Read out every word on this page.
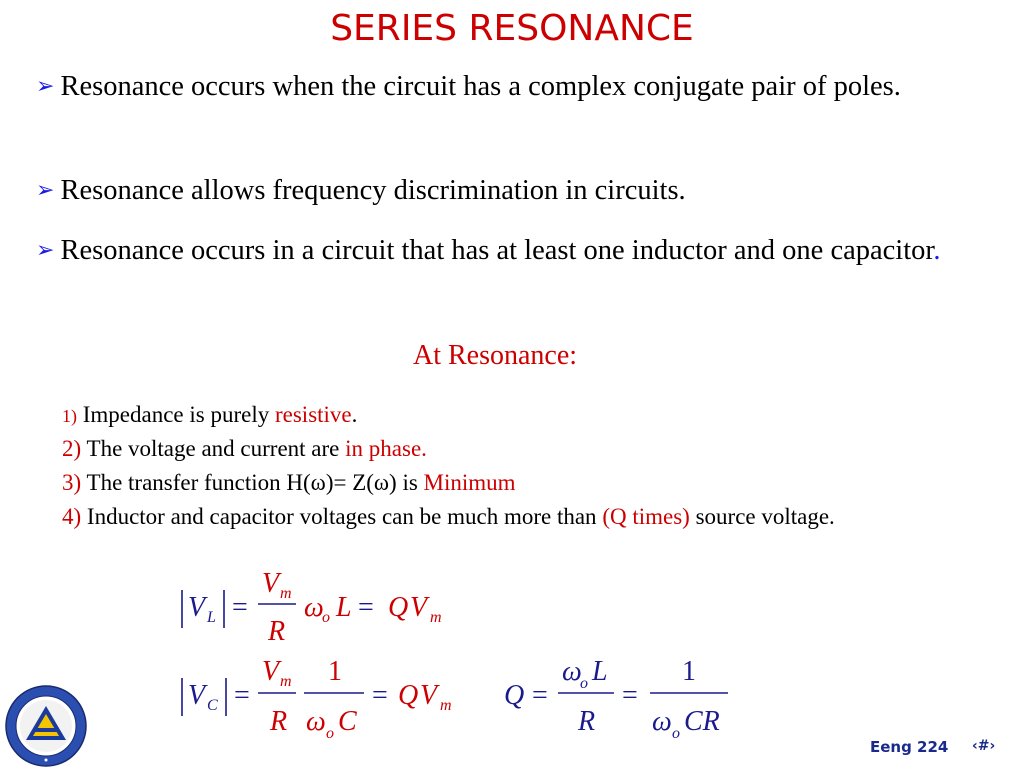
SERIES RESONANCE
➢ Resonance occurs when the circuit has a complex conjugate pair of poles.
➢ Resonance allows frequency discrimination in circuits.
➢ Resonance occurs in a circuit that has at least one inductor and one capacitor.
At Resonance:
1) Impedance is purely resistive.
2) The voltage and current are in phase.
3) The transfer function H(ω)= Z(ω) is Minimum
4) Inductor and capacitor voltages can be much more than (Q times) source voltage.
V L =
V m
R
ω
o L = Q V m
V C =
V m
R
1
ω o C
= Q V m Q =
ω
o L
R
=
1
ω o CR
Eeng 224 ‹#›
